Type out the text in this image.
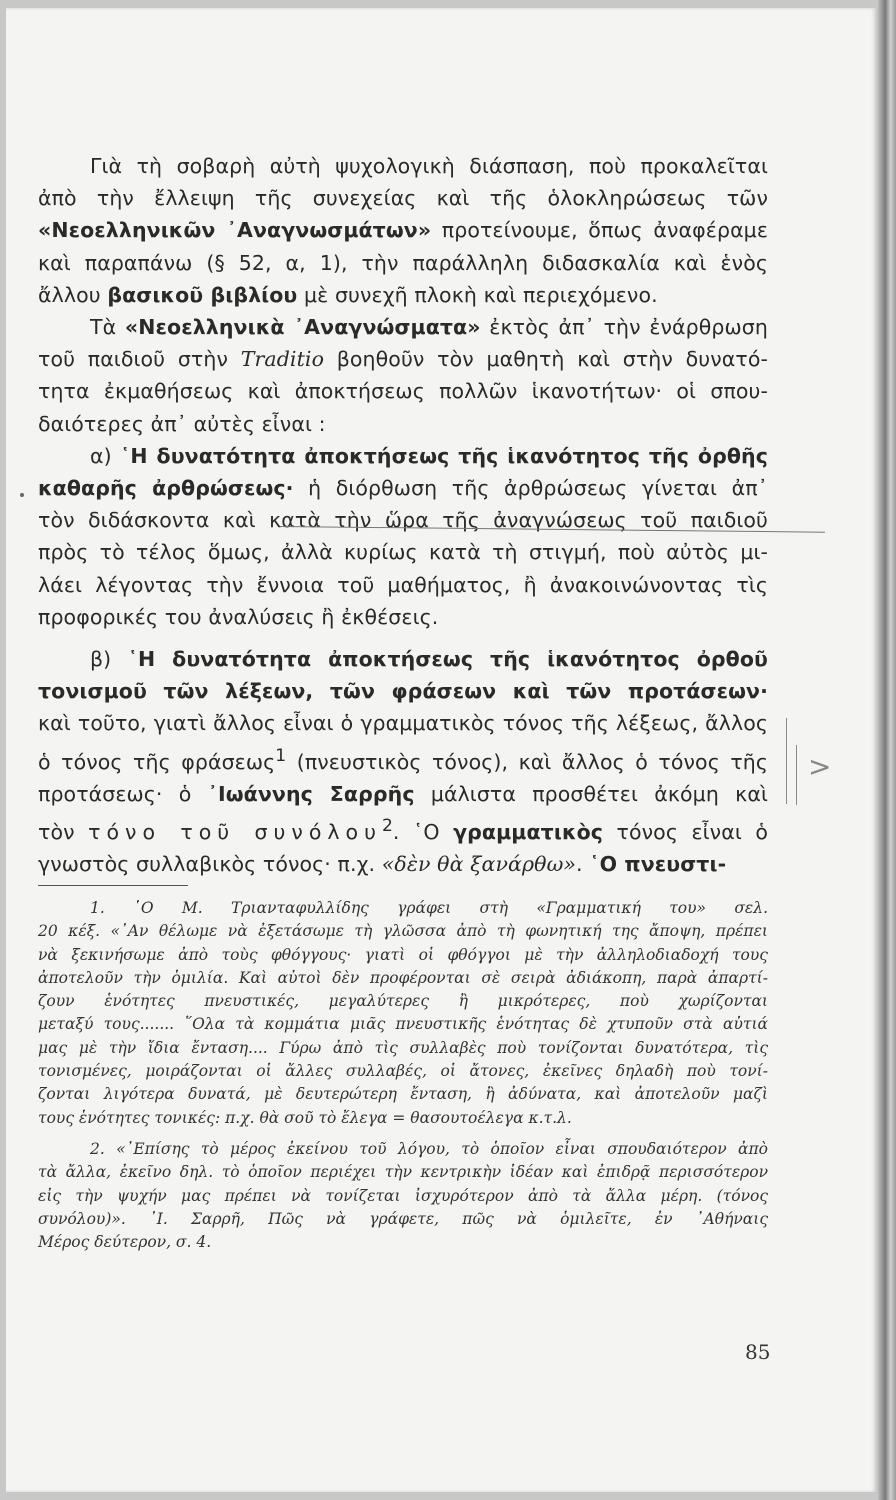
Γιὰ τὴ σοβαρὴ αὐτὴ ψυχολογικὴ διάσπαση, ποὺ προκαλεῖται

ἀπὸ τὴν ἔλλειψη τῆς συνεχείας καὶ τῆς ὁλοκληρώσεως τῶν

«Νεοελληνικῶν ᾿Αναγνωσμάτων» προτείνουμε, ὅπως ἀναφέραμε

καὶ παραπάνω (§ 52, α, 1), τὴν παράλληλη διδασκαλία καὶ ἑνὸς

ἄλλου βασικοῦ βιβλίου μὲ συνεχῆ πλοκὴ καὶ περιεχόμενο.

Τὰ «Νεοελληνικὰ ᾿Αναγνώσματα» ἐκτὸς ἀπ᾿ τὴν ἐνάρθρωση

τοῦ παιδιοῦ στὴν Traditio βοηθοῦν τὸν μαθητὴ καὶ στὴν δυνατό-

τητα ἐκμαθήσεως καὶ ἀποκτήσεως πολλῶν ἱκανοτήτων· οἱ σπου-

δαιότερες ἀπ᾿ αὐτὲς εἶναι :

α) ῾Η δυνατότητα ἀποκτήσεως τῆς ἱκανότητος τῆς ὀρθῆς

καθαρῆς ἀρθρώσεως· ἡ διόρθωση τῆς ἀρθρώσεως γίνεται ἀπ᾿

τὸν διδάσκοντα καὶ κατὰ τὴν ὥρα τῆς ἀναγνώσεως τοῦ παιδιοῦ

πρὸς τὸ τέλος ὅμως, ἀλλὰ κυρίως κατὰ τὴ στιγμή, ποὺ αὐτὸς μι-

λάει λέγοντας τὴν ἔννοια τοῦ μαθήματος, ἢ ἀνακοινώνοντας τὶς

προφορικές του ἀναλύσεις ἢ ἐκθέσεις.

β) ῾Η δυνατότητα ἀποκτήσεως τῆς ἱκανότητος ὀρθοῦ

τονισμοῦ τῶν λέξεων, τῶν φράσεων καὶ τῶν προτάσεων·

καὶ τοῦτο, γιατὶ ἄλλος εἶναι ὁ γραμματικὸς τόνος τῆς λέξεως, ἄλλος

ὁ τόνος τῆς φράσεως$^1$ (πνευστικὸς τόνος), καὶ ἄλλος ὁ τόνος τῆς

προτάσεως· ὁ ᾿Ιωάννης Σαρρῆς μάλιστα προσθέτει ἀκόμη καὶ

τὸν τόνο τοῦ συνόλου$^2$. ῾Ο γραμματικὸς τόνος εἶναι ὁ

γνωστὸς συλλαβικὸς τόνος· π.χ. «δὲν θὰ ξανάρθω». ῾Ο πνευστι-

>

1. ῾Ο Μ. Τριανταφυλλίδης γράφει στὴ «Γραμματική του» σελ.

20 κέξ. «᾿Αν θέλωμε νὰ ἐξετάσωμε τὴ γλῶσσα ἀπὸ τὴ φωνητική της ἄποψη, πρέπει

νὰ ξεκινήσωμε ἀπὸ τοὺς φθόγγους· γιατὶ οἱ φθόγγοι μὲ τὴν ἀλληλοδιαδοχή τους

ἀποτελοῦν τὴν ὁμιλία. Καὶ αὐτοὶ δὲν προφέρονται σὲ σειρὰ ἀδιάκοπη, παρὰ ἀπαρτί-

ζουν ἑνότητες πνευστικές, μεγαλύτερες ἢ μικρότερες, ποὺ χωρίζονται

μεταξύ τους....... ῞Ολα τὰ κομμάτια μιᾶς πνευστικῆς ἑνότητας δὲ χτυποῦν στὰ αὐτιά

μας μὲ τὴν ἴδια ἔνταση.... Γύρω ἀπὸ τὶς συλλαβὲς ποὺ τονίζονται δυνατότερα, τὶς

τονισμένες, μοιράζονται οἱ ἄλλες συλλαβές, οἱ ἄτονες, ἐκεῖνες δηλαδὴ ποὺ τονί-

ζονται λιγότερα δυνατά, μὲ δευτερώτερη ἔνταση, ἢ ἀδύνατα, καὶ ἀποτελοῦν μαζὶ

τους ἑνότητες τονικές: π.χ. θὰ σοῦ τὸ ἔλεγα = θασουτοέλεγα κ.τ.λ.

2. «᾿Επίσης τὸ μέρος ἐκείνου τοῦ λόγου, τὸ ὁποῖον εἶναι σπουδαιότερον ἀπὸ

τὰ ἄλλα, ἐκεῖνο δηλ. τὸ ὁποῖον περιέχει τὴν κεντρικὴν ἰδέαν καὶ ἐπιδρᾷ περισσότερον

εἰς τὴν ψυχήν μας πρέπει νὰ τονίζεται ἰσχυρότερον ἀπὸ τὰ ἄλλα μέρη. (τόνος

συνόλου)». ᾿Ι. Σαρρῆ, Πῶς νὰ γράφετε, πῶς νὰ ὁμιλεῖτε, ἐν ᾿Αθήναις

Μέρος δεύτερον, σ. 4.

85
